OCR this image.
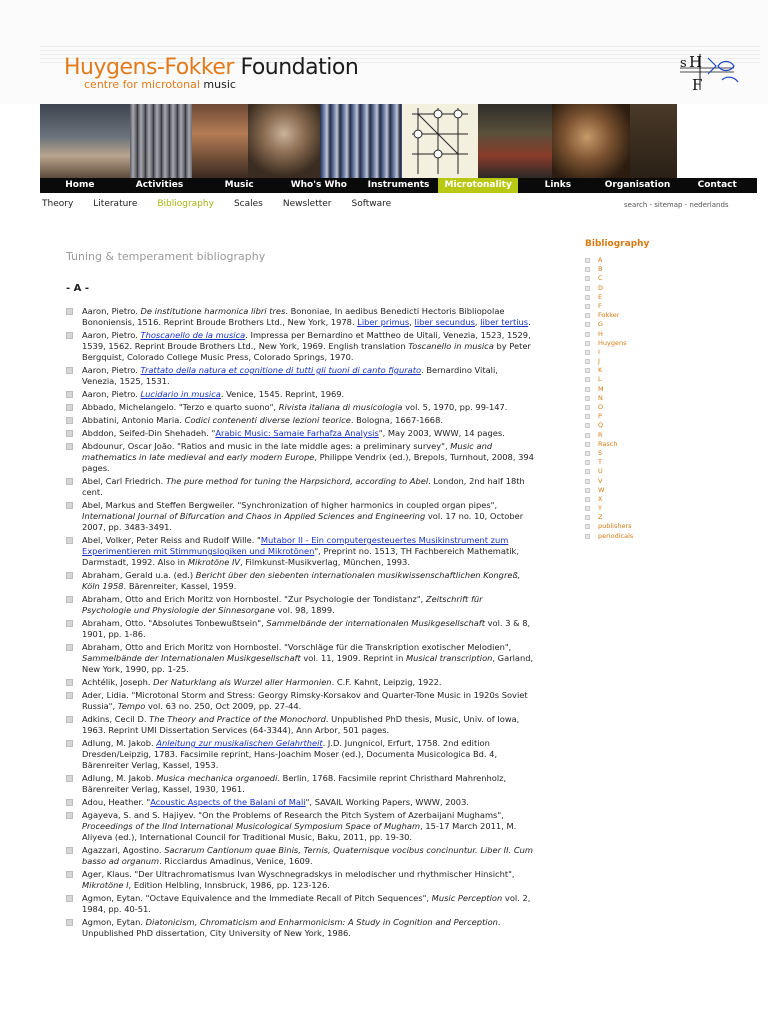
Huygens-Fokker Foundation
centre for microtonal music
s H
F
Home	Activities	Music	Who's Who	Instruments	Microtonality	Links	Organisation	Contact
Theory Literature Bibliography Scales Newsletter Software	search - sitemap - nederlands
Tuning & temperament bibliography
- A -
Aaron, Pietro. De institutione harmonica libri tres. Bononiae, In aedibus Benedicti Hectoris Bibliopolae Bononiensis, 1516. Reprint Broude Brothers Ltd., New York, 1978. Liber primus, liber secundus, liber tertius.
Aaron, Pietro. Thoscanello de la musica. Impressa per Bernardino et Mattheo de Uitali, Venezia, 1523, 1529, 1539, 1562. Reprint Broude Brothers Ltd., New York, 1969. English translation Toscanello in musica by Peter Bergquist, Colorado College Music Press, Colorado Springs, 1970.
Aaron, Pietro. Trattato della natura et cognitione di tutti gli tuoni di canto figurato. Bernardino Vitali, Venezia, 1525, 1531.
Aaron, Pietro. Lucidario in musica. Venice, 1545. Reprint, 1969.
Abbado, Michelangelo. "Terzo e quarto suono", Rivista italiana di musicologia vol. 5, 1970, pp. 99-147.
Abbatini, Antonio Maria. Codici contenenti diverse lezioni teorice. Bologna, 1667-1668.
Abddon, Seifed-Din Shehadeh. "Arabic Music: Samaie Farhafza Analysis", May 2003, WWW, 14 pages.
Abdounur, Oscar João. "Ratios and music in the late middle ages: a preliminary survey", Music and mathematics in late medieval and early modern Europe, Philippe Vendrix (ed.), Brepols, Turnhout, 2008, 394 pages.
Abel, Carl Friedrich. The pure method for tuning the Harpsichord, according to Abel. London, 2nd half 18th cent.
Abel, Markus and Steffen Bergweiler. "Synchronization of higher harmonics in coupled organ pipes", International Journal of Bifurcation and Chaos in Applied Sciences and Engineering vol. 17 no. 10, October 2007, pp. 3483-3491.
Abel, Volker, Peter Reiss and Rudolf Wille. "Mutabor II - Ein computergesteuertes Musikinstrument zum Experimentieren mit Stimmungslogiken und Mikrotönen", Preprint no. 1513, TH Fachbereich Mathematik, Darmstadt, 1992. Also in Mikrotöne IV, Filmkunst-Musikverlag, München, 1993.
Abraham, Gerald u.a. (ed.) Bericht über den siebenten internationalen musikwissenschaftlichen Kongreß, Köln 1958. Bärenreiter, Kassel, 1959.
Abraham, Otto and Erich Moritz von Hornbostel. "Zur Psychologie der Tondistanz", Zeitschrift für Psychologie und Physiologie der Sinnesorgane vol. 98, 1899.
Abraham, Otto. "Absolutes Tonbewußtsein", Sammelbände der internationalen Musikgesellschaft vol. 3 & 8, 1901, pp. 1-86.
Abraham, Otto and Erich Moritz von Hornbostel. "Vorschläge für die Transkription exotischer Melodien", Sammelbände der Internationalen Musikgesellschaft vol. 11, 1909. Reprint in Musical transcription, Garland, New York, 1990, pp. 1-25.
Achtélik, Joseph. Der Naturklang als Wurzel aller Harmonien. C.F. Kahnt, Leipzig, 1922.
Ader, Lidia. "Microtonal Storm and Stress: Georgy Rimsky-Korsakov and Quarter-Tone Music in 1920s Soviet Russia", Tempo vol. 63 no. 250, Oct 2009, pp. 27-44.
Adkins, Cecil D. The Theory and Practice of the Monochord. Unpublished PhD thesis, Music, Univ. of Iowa, 1963. Reprint UMI Dissertation Services (64-3344), Ann Arbor, 501 pages.
Adlung, M. Jakob. Anleitung zur musikalischen Gelahrtheit. J.D. Jungnicol, Erfurt, 1758. 2nd edition Dresden/Leipzig, 1783. Facsimile reprint, Hans-Joachim Moser (ed.), Documenta Musicologica Bd. 4, Bärenreiter Verlag, Kassel, 1953.
Adlung, M. Jakob. Musica mechanica organoedi. Berlin, 1768. Facsimile reprint Christhard Mahrenholz, Bärenreiter Verlag, Kassel, 1930, 1961.
Adou, Heather. "Acoustic Aspects of the Balani of Mali", SAVAIL Working Papers, WWW, 2003.
Agayeva, S. and S. Hajiyev. "On the Problems of Research the Pitch System of Azerbaijani Mughams", Proceedings of the IInd International Musicological Symposium Space of Mugham, 15-17 March 2011, M. Aliyeva (ed.), International Council for Traditional Music, Baku, 2011, pp. 19-30.
Agazzari, Agostino. Sacrarum Cantionum quae Binis, Ternis, Quaternisque vocibus concinuntur. Liber II. Cum basso ad organum. Ricciardus Amadinus, Venice, 1609.
Ager, Klaus. "Der Ultrachromatismus Ivan Wyschnegradskys in melodischer und rhythmischer Hinsicht", Mikrotöne I, Edition Helbling, Innsbruck, 1986, pp. 123-126.
Agmon, Eytan. "Octave Equivalence and the Immediate Recall of Pitch Sequences", Music Perception vol. 2, 1984, pp. 40-51.
Agmon, Eytan. Diatonicism, Chromaticism and Enharmonicism: A Study in Cognition and Perception. Unpublished PhD dissertation, City University of New York, 1986.
Bibliography
A
B
C
D
E
F
Fokker
G
H
Huygens
I
J
K
L
M
N
O
P
Q
R
Rasch
S
T
U
V
W
X
Y
Z
publishers
periodicals
